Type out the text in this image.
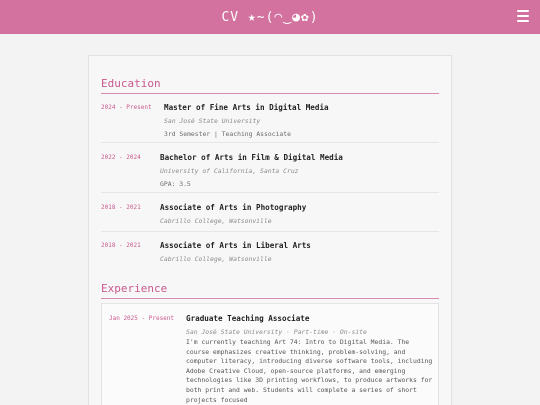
CV ★~(◠‿◕✿)
Education
2024 - Present Master of Fine Arts in Digital Media
San José State University
3rd Semester | Teaching Associate
2022 - 2024	Bachelor of Arts in Film & Digital Media
University of California, Santa Cruz
GPA: 3.5
2018 - 2021	Associate of Arts in Photography
Cabrillo College, Watsonville
2018 - 2021	Associate of Arts in Liberal Arts
Cabrillo College, Watsonville
Experience
Jan 2025 - Present Graduate Teaching Associate
San José State University · Part-time · On-site
I'm currently teaching Art 74: Intro to Digital Media. The course emphasizes creative thinking, problem-solving, and computer literacy, introducing diverse software tools, including Adobe Creative Cloud, open-source platforms, and emerging technologies like 3D printing workflows, to produce artworks for both print and web. Students will complete a series of short projects focused
